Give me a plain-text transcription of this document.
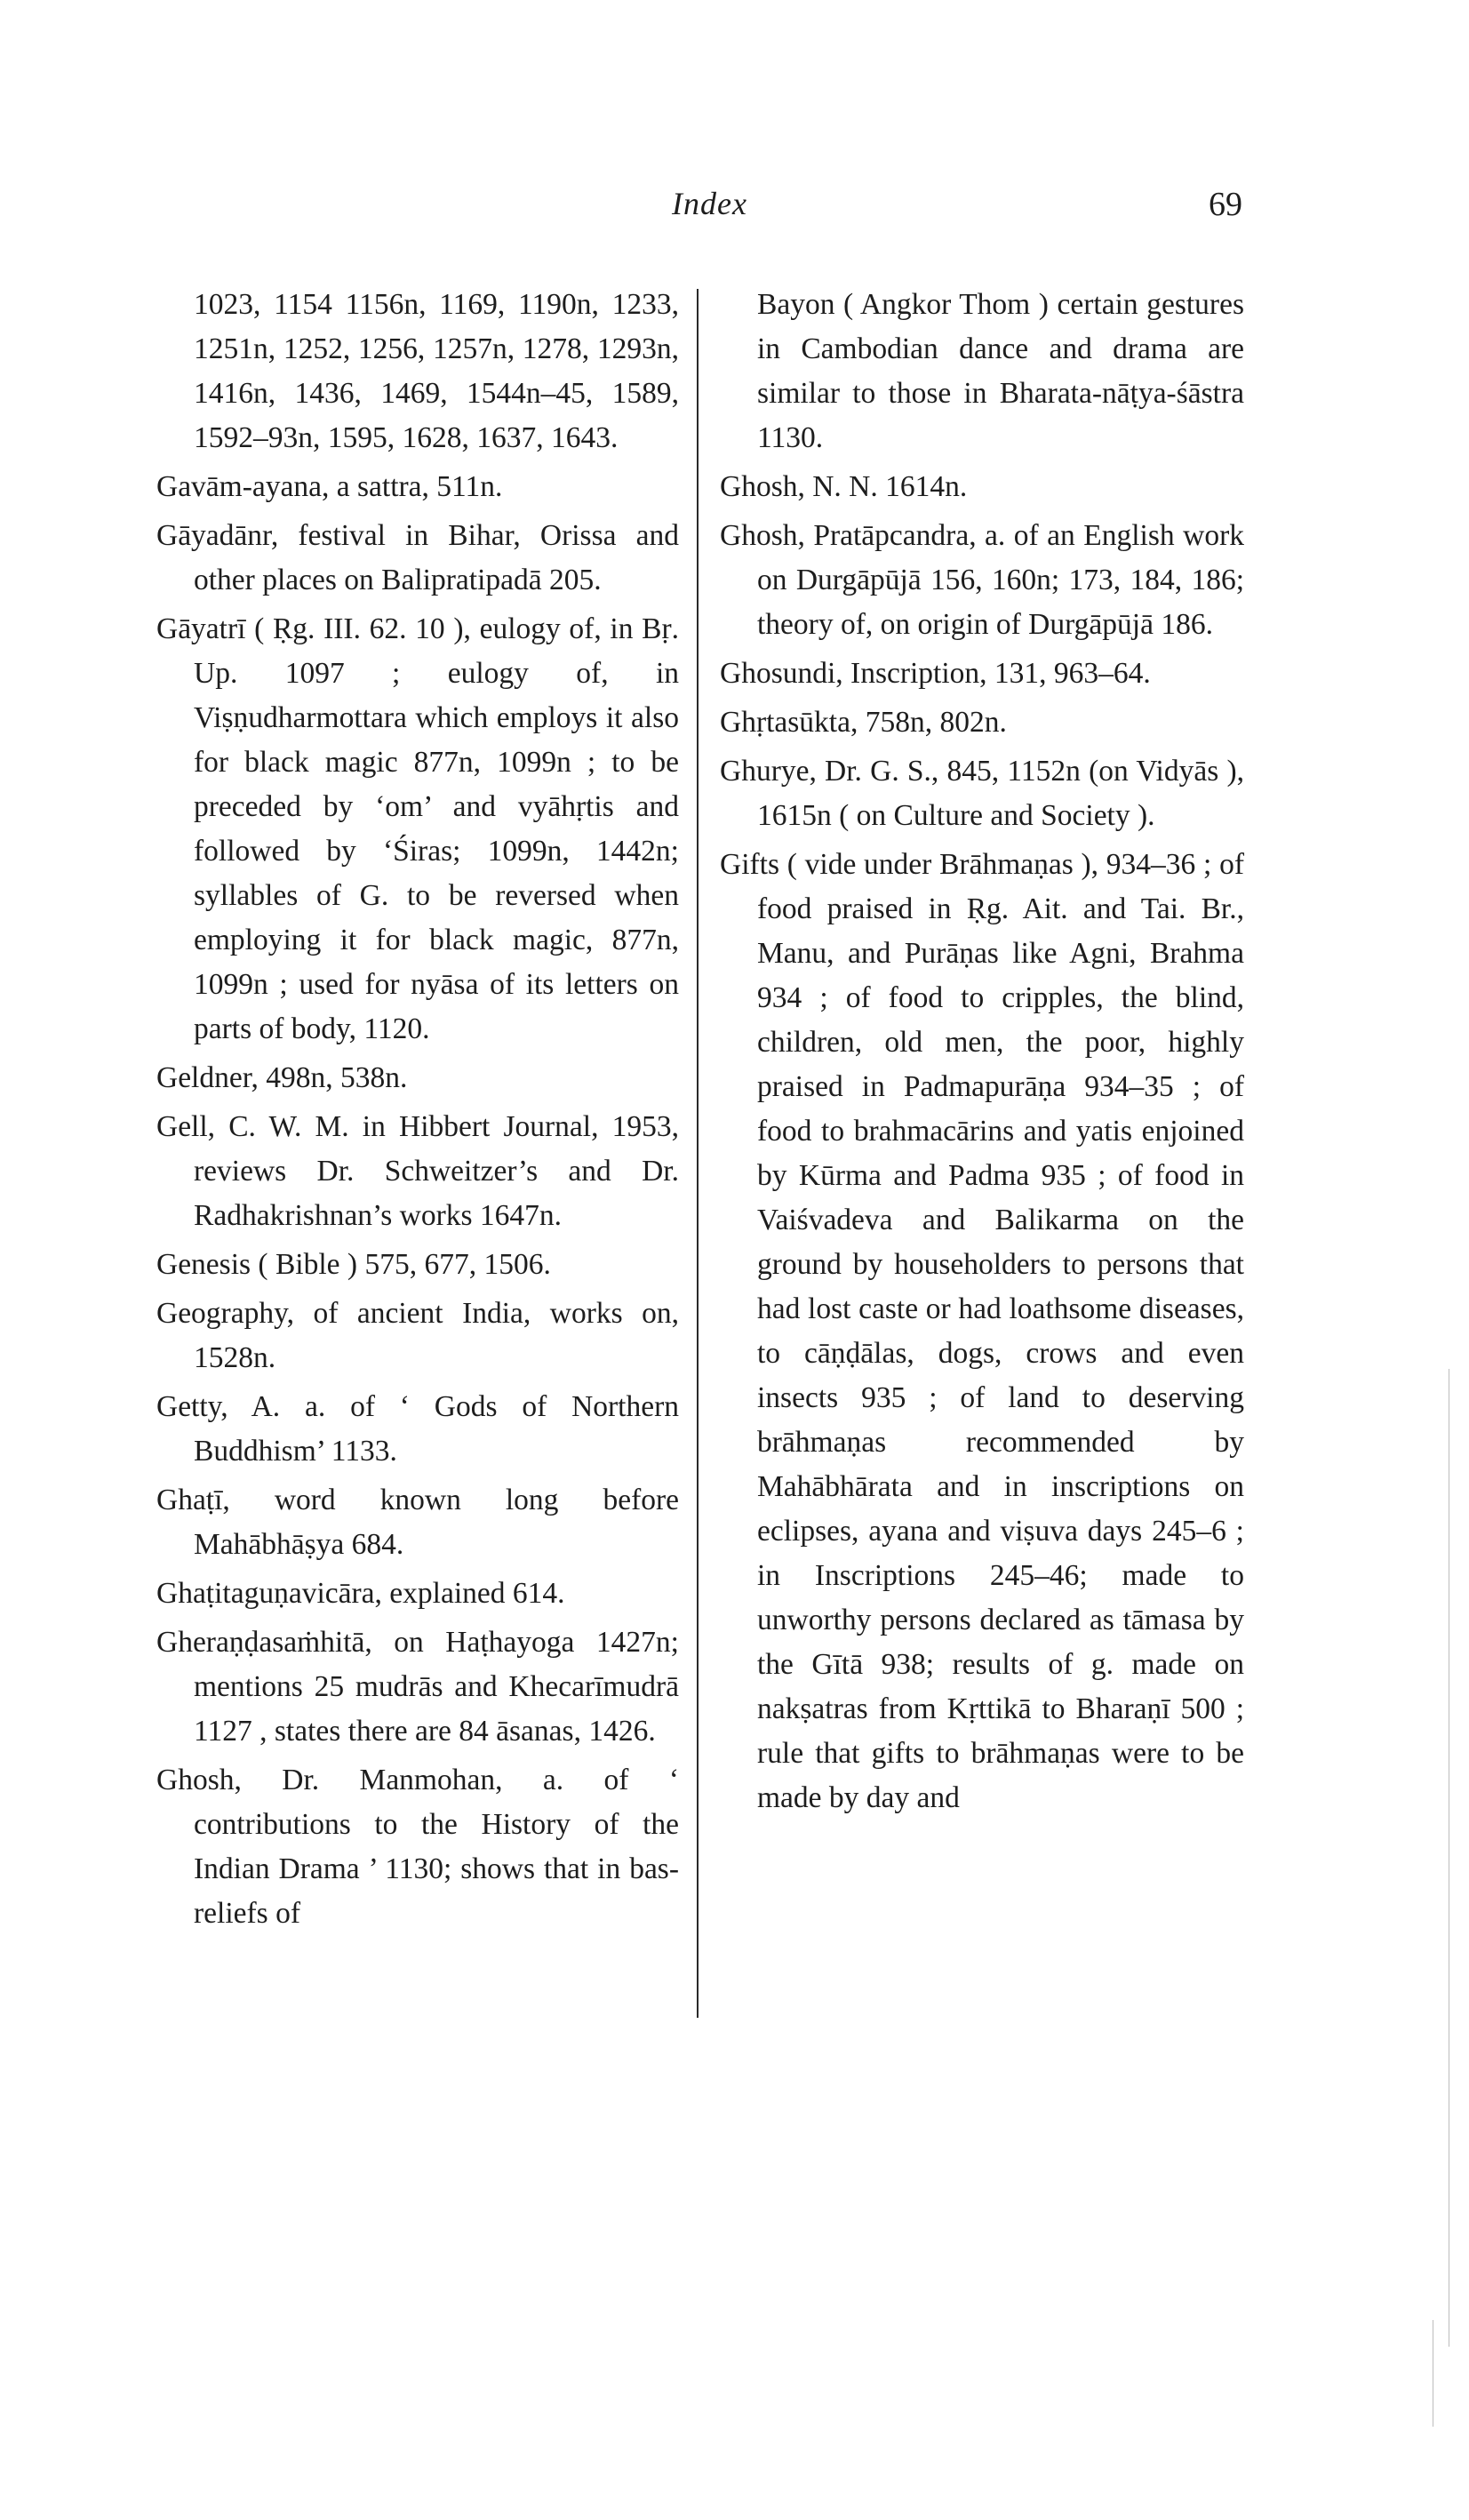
Index	69

1023, 1154 1156n, 1169, 1190n, 1233, 1251n, 1252, 1256, 1257n, 1278, 1293n, 1416n, 1436, 1469, 1544n–45, 1589, 1592–93n, 1595, 1628, 1637, 1643.

Gavām-ayana, a sattra, 511n.

Gāyadānr, festival in Bihar, Orissa and other places on Balipratipadā 205.

Gāyatrī ( Ṛg. III. 62. 10 ), eulogy of, in Bṛ. Up. 1097 ; eulogy of, in Viṣṇudharmottara which employs it also for black magic 877n, 1099n ; to be preceded by ‘om’ and vyāhṛtis and followed by ‘Śiras; 1099n, 1442n; syllables of G. to be reversed when employing it for black magic, 877n, 1099n ; used for nyāsa of its letters on parts of body, 1120.

Geldner, 498n, 538n.

Gell, C. W. M. in Hibbert Journal, 1953, reviews Dr. Schweitzer’s and Dr. Radhakrishnan’s works 1647n.

Genesis ( Bible ) 575, 677, 1506.

Geography, of ancient India, works on, 1528n.

Getty, A. a. of ‘ Gods of Northern Buddhism’ 1133.

Ghaṭī, word known long before Mahābhāṣya 684.

Ghaṭitaguṇavicāra, explained 614.

Gheraṇḍasaṁhitā, on Haṭhayoga 1427n; mentions 25 mudrās and Khecarīmudrā 1127 , states there are 84 āsanas, 1426.

Ghosh, Dr. Manmohan, a. of ‘ contributions to the History of the Indian Drama ’ 1130; shows that in bas-reliefs of

Bayon ( Angkor Thom ) certain gestures in Cambodian dance and drama are similar to those in Bharata-nāṭya-śāstra 1130.

Ghosh, N. N. 1614n.

Ghosh, Pratāpcandra, a. of an English work on Durgāpūjā 156, 160n; 173, 184, 186; theory of, on origin of Durgāpūjā 186.

Ghosundi, Inscription, 131, 963–64.

Ghṛtasūkta, 758n, 802n.

Ghurye, Dr. G. S., 845, 1152n (on Vidyās ), 1615n ( on Culture and Society ).

Gifts ( vide under Brāhmaṇas ), 934–36 ; of food praised in Ṛg. Ait. and Tai. Br., Manu, and Purāṇas like Agni, Brahma 934 ; of food to cripples, the blind, children, old men, the poor, highly praised in Padmapurāṇa 934–35 ; of food to brahmacārins and yatis enjoined by Kūrma and Padma 935 ; of food in Vaiśvadeva and Balikarma on the ground by householders to persons that had lost caste or had loathsome diseases, to cāṇḍālas, dogs, crows and even insects 935 ; of land to deserving brāhmaṇas recommended by Mahābhārata and in inscriptions on eclipses, ayana and viṣuva days 245–6 ; in Inscriptions 245–46; made to unworthy persons declared as tāmasa by the Gītā 938; results of g. made on nakṣatras from Kṛttikā to Bharaṇī 500 ; rule that gifts to brāhmaṇas were to be made by day and
